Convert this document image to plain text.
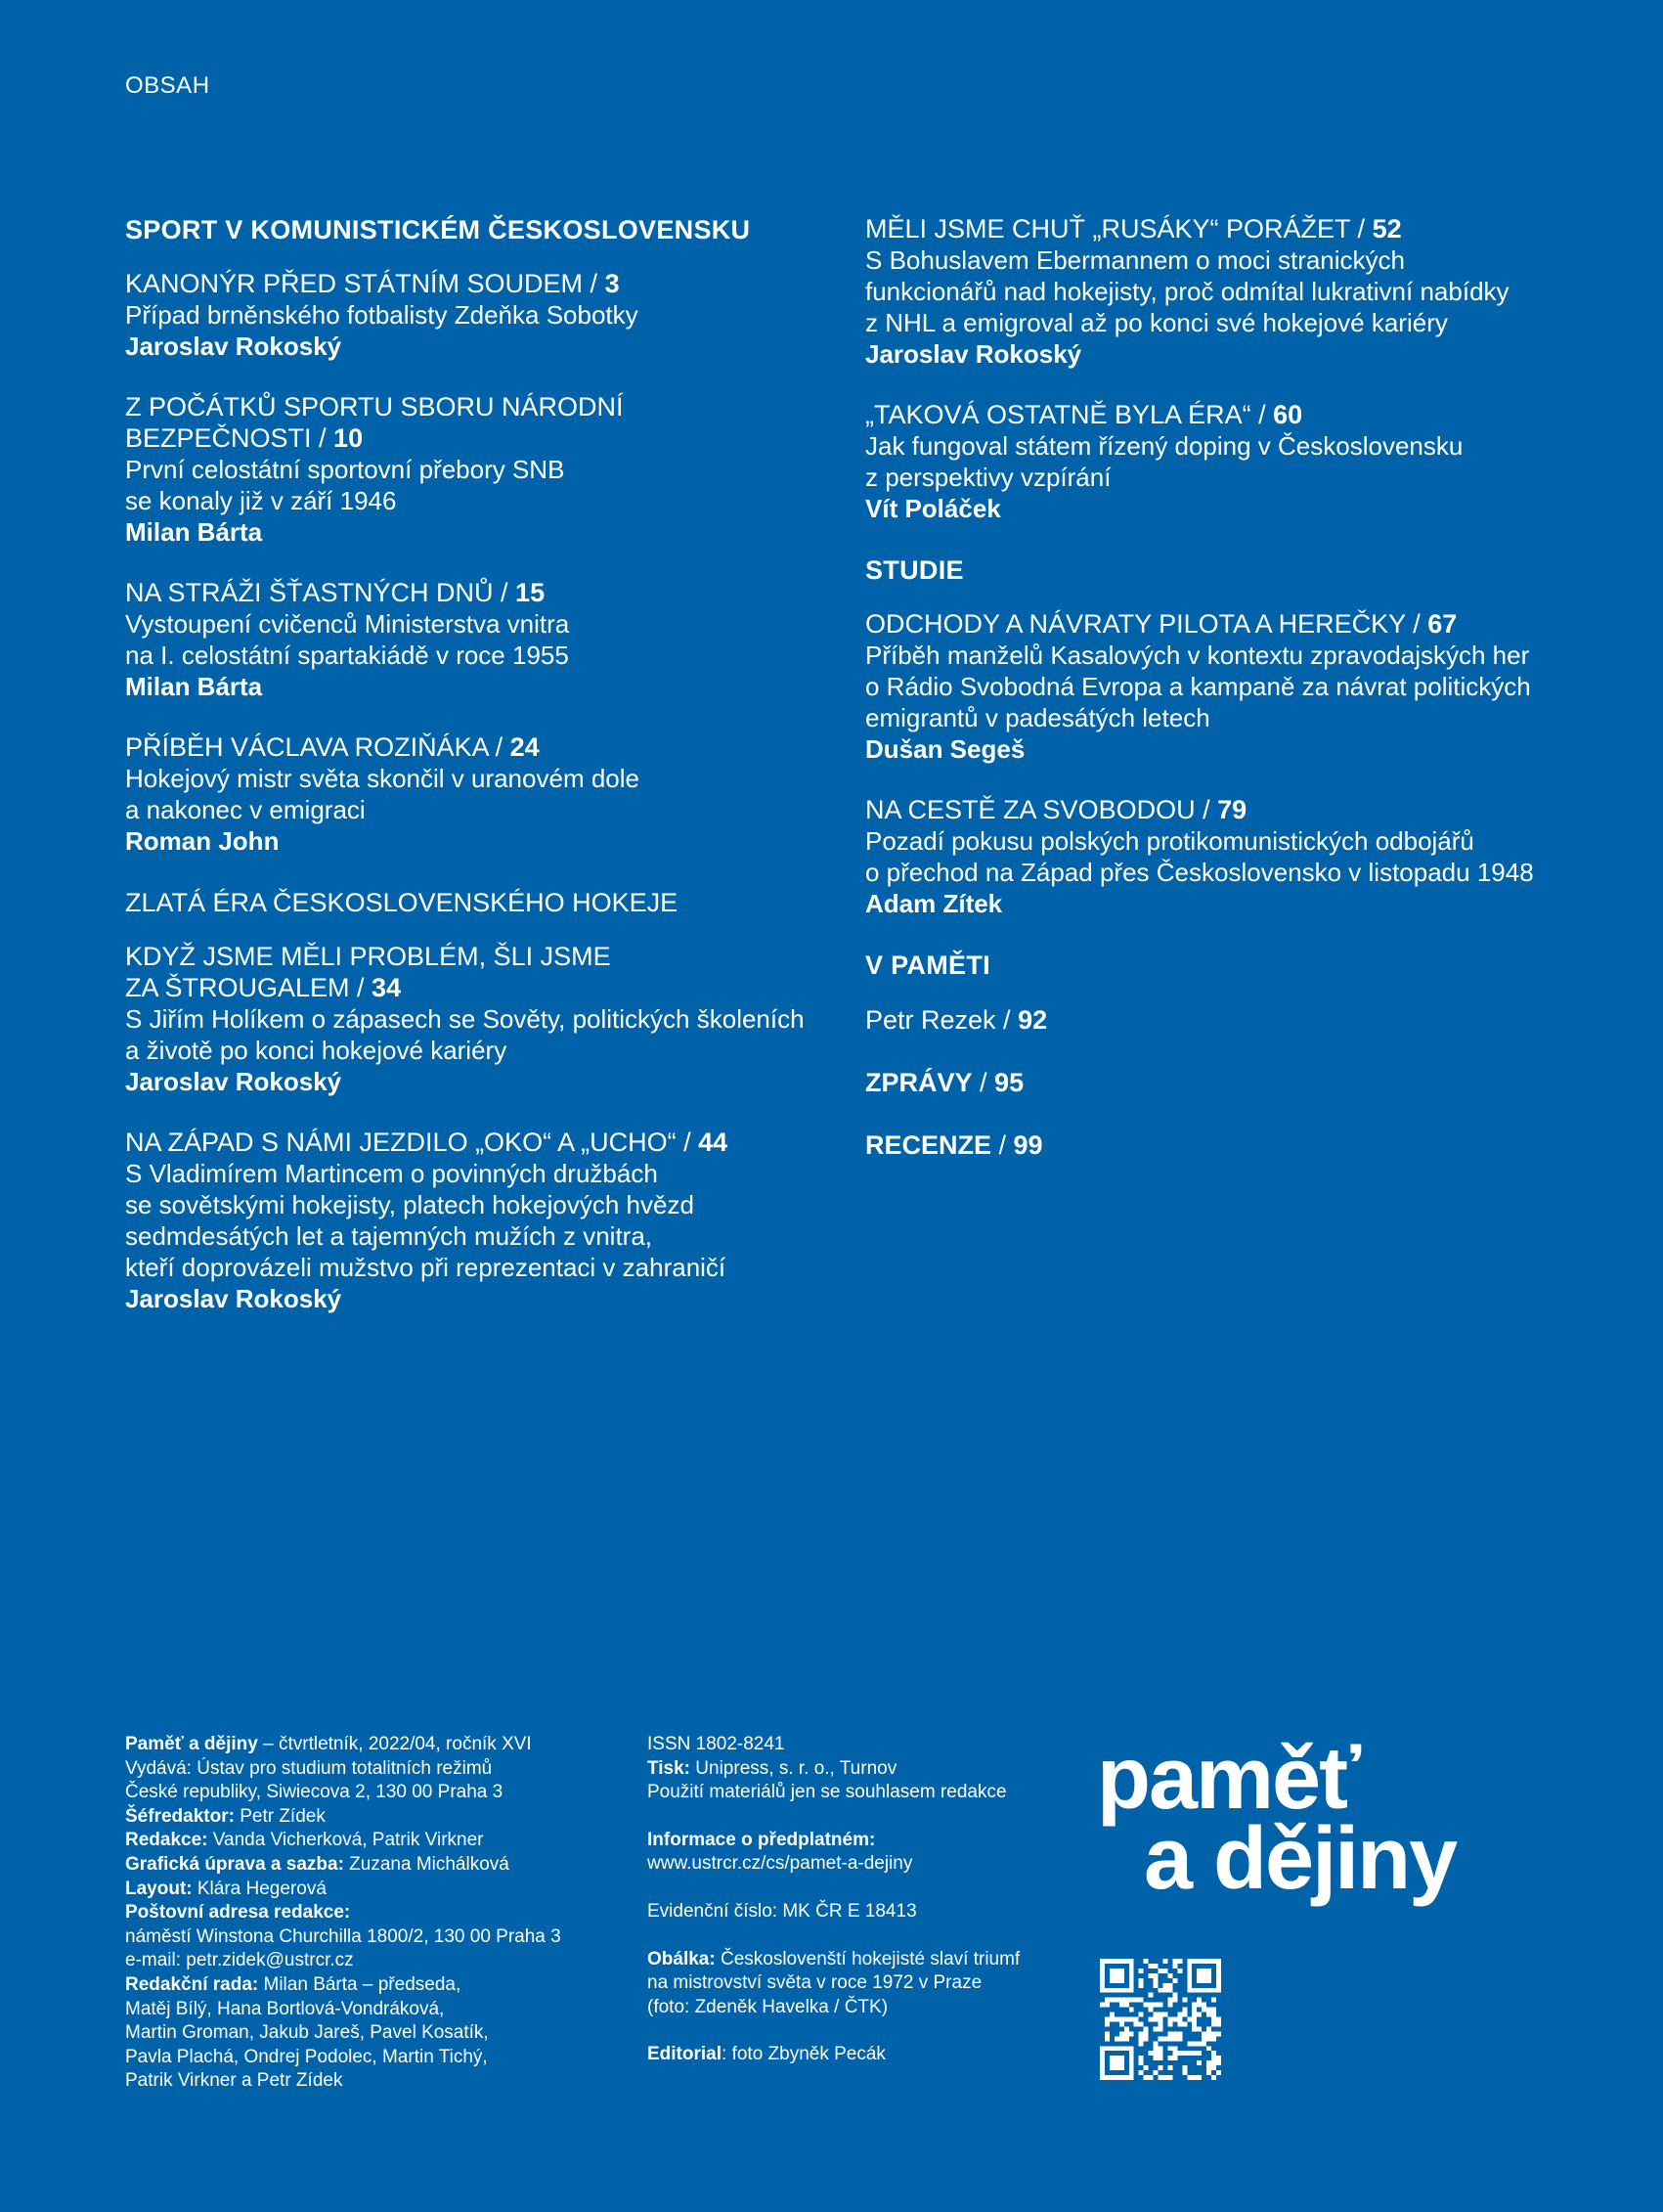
OBSAH
SPORT V KOMUNISTICKÉM ČESKOSLOVENSKU
KANONÝR PŘED STÁTNÍM SOUDEM / 3
Případ brněnského fotbalisty Zdeňka Sobotky
Jaroslav Rokoský
Z POČÁTKŮ SPORTU SBORU NÁRODNÍ
BEZPEČNOSTI / 10
První celostátní sportovní přebory SNB
se konaly již v září 1946
Milan Bárta
NA STRÁŽI ŠŤASTNÝCH DNŮ / 15
Vystoupení cvičenců Ministerstva vnitra
na I. celostátní spartakiádě v roce 1955
Milan Bárta
PŘÍBĚH VÁCLAVA ROZIŇÁKA / 24
Hokejový mistr světa skončil v uranovém dole
a nakonec v emigraci
Roman John
ZLATÁ ÉRA ČESKOSLOVENSKÉHO HOKEJE
KDYŽ JSME MĚLI PROBLÉM, ŠLI JSME
ZA ŠTROUGALEM / 34
S Jiřím Holíkem o zápasech se Sověty, politických školeních
a životě po konci hokejové kariéry
Jaroslav Rokoský
NA ZÁPAD S NÁMI JEZDILO „OKO“ A „UCHO“ / 44
S Vladimírem Martincem o povinných družbách
se sovětskými hokejisty, platech hokejových hvězd
sedmdesátých let a tajemných mužích z vnitra,
kteří doprovázeli mužstvo při reprezentaci v zahraničí
Jaroslav Rokoský
MĚLI JSME CHUŤ „RUSÁKY“ PORÁŽET / 52
S Bohuslavem Ebermannem o moci stranických
funkcionářů nad hokejisty, proč odmítal lukrativní nabídky
z NHL a emigroval až po konci své hokejové kariéry
Jaroslav Rokoský
„TAKOVÁ OSTATNĚ BYLA ÉRA“ / 60
Jak fungoval státem řízený doping v Československu
z perspektivy vzpírání
Vít Poláček
STUDIE
ODCHODY A NÁVRATY PILOTA A HEREČKY / 67
Příběh manželů Kasalových v kontextu zpravodajských her
o Rádio Svobodná Evropa a kampaně za návrat politických
emigrantů v padesátých letech
Dušan Segeš
NA CESTĚ ZA SVOBODOU / 79
Pozadí pokusu polských protikomunistických odbojářů
o přechod na Západ přes Československo v listopadu 1948
Adam Zítek
V PAMĚTI
Petr Rezek / 92
ZPRÁVY / 95
RECENZE / 99
Paměť a dějiny – čtvrtletník, 2022/04, ročník XVI
Vydává: Ústav pro studium totalitních režimů
České republiky, Siwiecova 2, 130 00 Praha 3
Šéfredaktor: Petr Zídek
Redakce: Vanda Vicherková, Patrik Virkner
Grafická úprava a sazba: Zuzana Michálková
Layout: Klára Hegerová
Poštovní adresa redakce:
náměstí Winstona Churchilla 1800/2, 130 00 Praha 3
e-mail: petr.zidek@ustrcr.cz
Redakční rada: Milan Bárta – předseda,
Matěj Bílý, Hana Bortlová-Vondráková,
Martin Groman, Jakub Jareš, Pavel Kosatík,
Pavla Plachá, Ondrej Podolec, Martin Tichý,
Patrik Virkner a Petr Zídek
ISSN 1802-8241
Tisk: Unipress, s. r. o., Turnov
Použití materiálů jen se souhlasem redakce
Informace o předplatném:
www.ustrcr.cz/cs/pamet-a-dejiny
Evidenční číslo: MK ČR E 18413
Obálka: Českoslovenští hokejisté slaví triumf
na mistrovství světa v roce 1972 v Praze
(foto: Zdeněk Havelka / ČTK)
Editorial: foto Zbyněk Pecák
paměť
a dějiny
